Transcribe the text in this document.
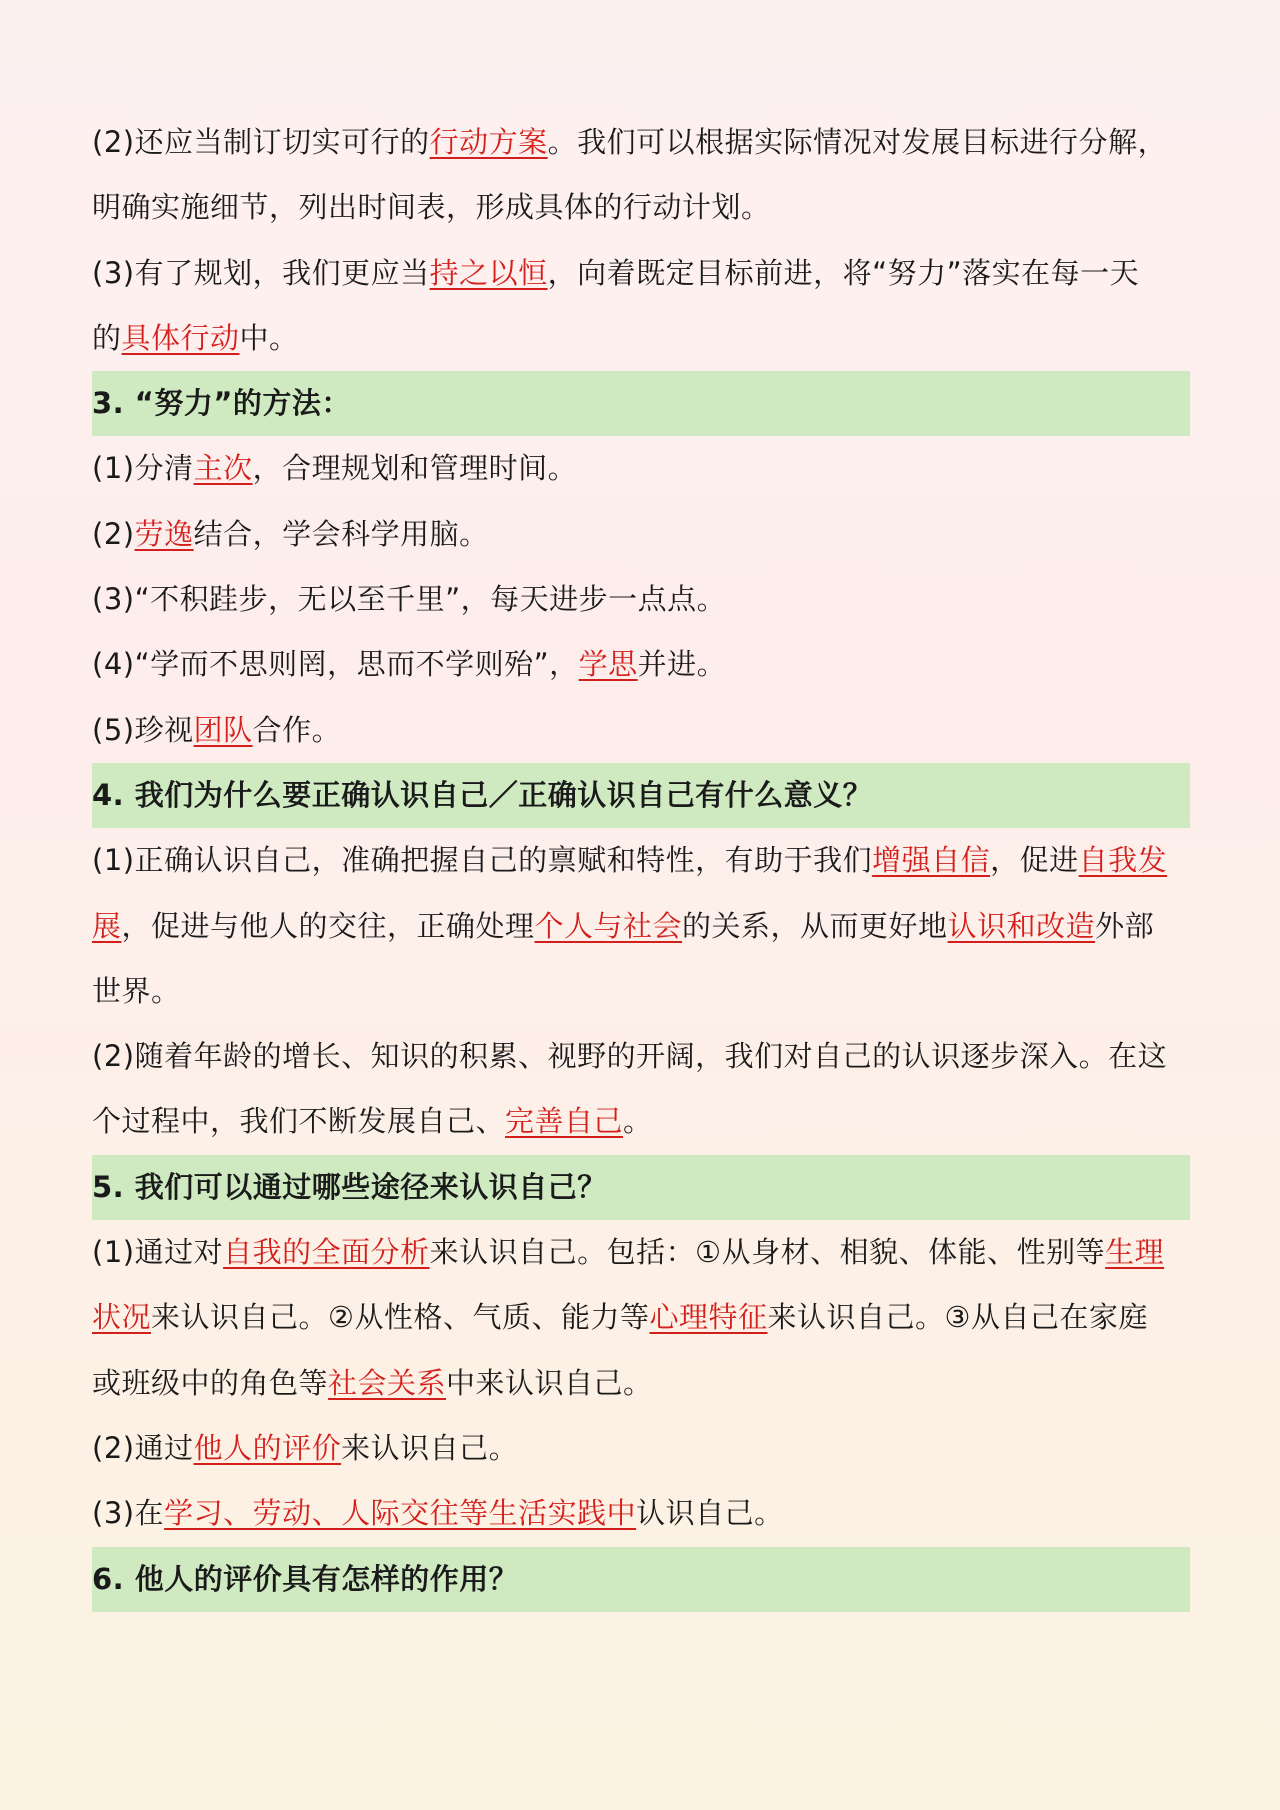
(2)还应当制订切实可行的行动方案。我们可以根据实际情况对发展目标进行分解，
明确实施细节，列出时间表，形成具体的行动计划。
(3)有了规划，我们更应当持之以恒，向着既定目标前进，将“努力”落实在每一天
的具体行动中。
3. “努力”的方法：
(1)分清主次，合理规划和管理时间。
(2)劳逸结合，学会科学用脑。
(3)“不积跬步，无以至千里”，每天进步一点点。
(4)“学而不思则罔，思而不学则殆”，学思并进。
(5)珍视团队合作。
4. 我们为什么要正确认识自己／正确认识自己有什么意义？
(1)正确认识自己，准确把握自己的禀赋和特性，有助于我们增强自信，促进自我发
展，促进与他人的交往，正确处理个人与社会的关系，从而更好地认识和改造外部
世界。
(2)随着年龄的增长、知识的积累、视野的开阔，我们对自己的认识逐步深入。在这
个过程中，我们不断发展自己、完善自己。
5. 我们可以通过哪些途径来认识自己？
(1)通过对自我的全面分析来认识自己。包括：①从身材、相貌、体能、性别等生理
状况来认识自己。②从性格、气质、能力等心理特征来认识自己。③从自己在家庭
或班级中的角色等社会关系中来认识自己。
(2)通过他人的评价来认识自己。
(3)在学习、劳动、人际交往等生活实践中认识自己。
6. 他人的评价具有怎样的作用？
